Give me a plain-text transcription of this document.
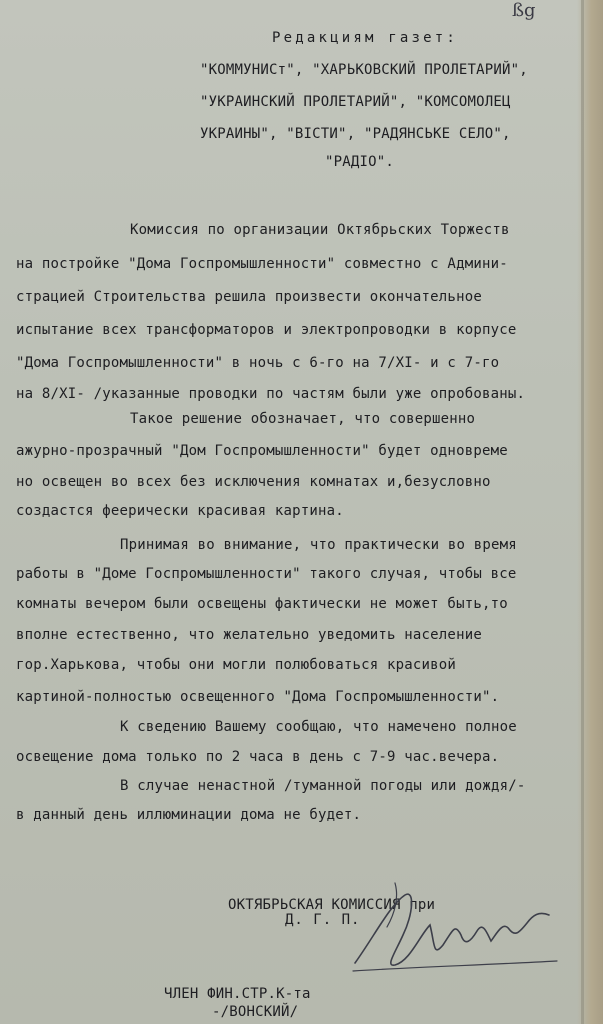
ßg
Редакциям газет:
"КОММУНИСт", "ХАРЬКОВСКИЙ ПРОЛЕТАРИЙ",
"УКРАИНСКИЙ ПРОЛЕТАРИЙ", "КОМСОМОЛЕЦ
УКРАИНЫ", "ВІСТИ", "РАДЯНСЬКЕ СЕЛО",
"РАДІО".
Комиссия по организации Октябрьских Торжеств
на постройке "Дома Госпромышленности" совместно с Админи-
страцией Строительства решила произвести окончательное
испытание всех трансформаторов и электропроводки в корпусе
"Дома Госпромышленности" в ночь с 6-го на 7/XI- и с 7-го
на 8/XI- /указанные проводки по частям были уже опробованы.
Такое решение обозначает, что совершенно
ажурно-прозрачный "Дом Госпромышленности" будет одновреме
но освещен во всех без исключения комнатах и,безусловно
создастся феерически красивая картина.
Принимая во внимание, что практически во время
работы в "Доме Госпромышленности" такого случая, чтобы все
комнаты вечером были освещены фактически не может быть,то
вполне естественно, что желательно уведомить население
гор.Харькова, чтобы они могли полюбоваться красивой
картиной-полностью освещенного "Дома Госпромышленности".
К сведению Вашему сообщаю, что намечено полное
освещение дома только по 2 часа в день с 7-9 час.вечера.
В случае ненастной /туманной погоды или дождя/-
в данный день иллюминации дома не будет.
ОКТЯБРЬСКАЯ КОМИССИЯ при
Д. Г. П.
ЧЛЕН ФИН.СТР.К-та
-/ВОНСКИЙ/
